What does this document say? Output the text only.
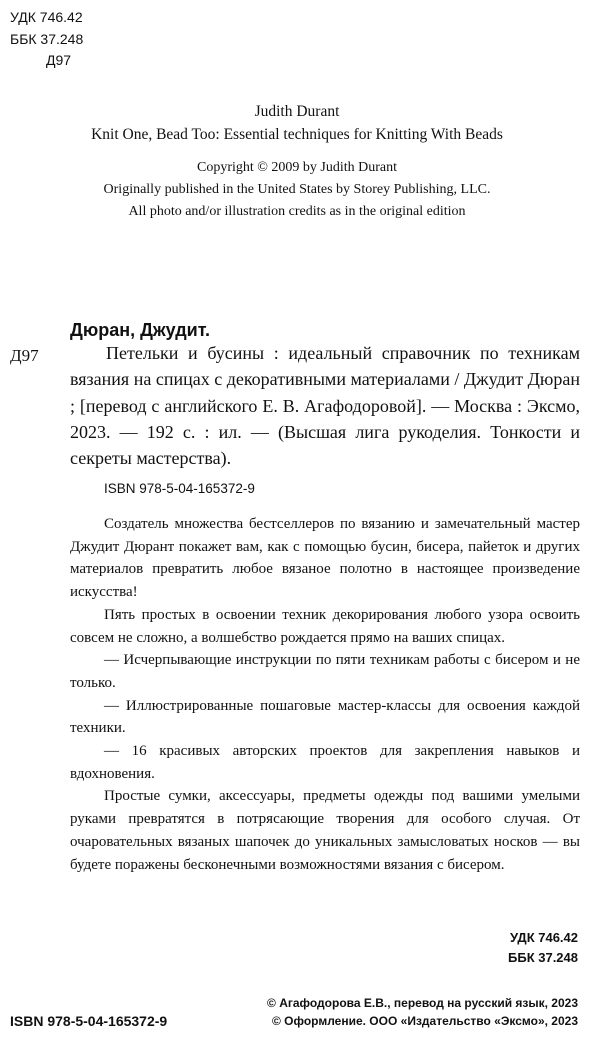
УДК 746.42
ББК 37.248
Д97
Judith Durant
Knit One, Bead Too: Essential techniques for Knitting With Beads
Copyright © 2009 by Judith Durant
Originally published in the United States by Storey Publishing, LLC.
All photo and/or illustration credits as in the original edition
Дюран, Джудит.
Д97	Петельки и бусины : идеальный справочник по техникам вязания на спицах с декоративными материалами / Джудит Дюран ; [перевод с английского Е. В. Агафодоровой]. — Москва : Эксмо, 2023. — 192 с. : ил. — (Высшая лига рукоделия. Тонкости и секреты мастерства).
ISBN 978-5-04-165372-9

Создатель множества бестселлеров по вязанию и замечательный мастер Джудит Дюрант покажет вам, как с помощью бусин, бисера, пайеток и других материалов превратить любое вязаное полотно в настоящее произведение искусства!

Пять простых в освоении техник декорирования любого узора освоить совсем не сложно, а волшебство рождается прямо на ваших спицах.

— Исчерпывающие инструкции по пяти техникам работы с бисером и не только.

— Иллюстрированные пошаговые мастер-классы для освоения каждой техники.

— 16 красивых авторских проектов для закрепления навыков и вдохновения.

Простые сумки, аксессуары, предметы одежды под вашими умелыми руками превратятся в потрясающие творения для особого случая. От очаровательных вязаных шапочек до уникальных замысловатых носков — вы будете поражены бесконечными возможностями вязания с бисером.

УДК 746.42
ББК 37.248
ISBN 978-5-04-165372-9
© Агафодорова Е.В., перевод на русский язык, 2023
© Оформление. ООО «Издательство «Эксмо», 2023
